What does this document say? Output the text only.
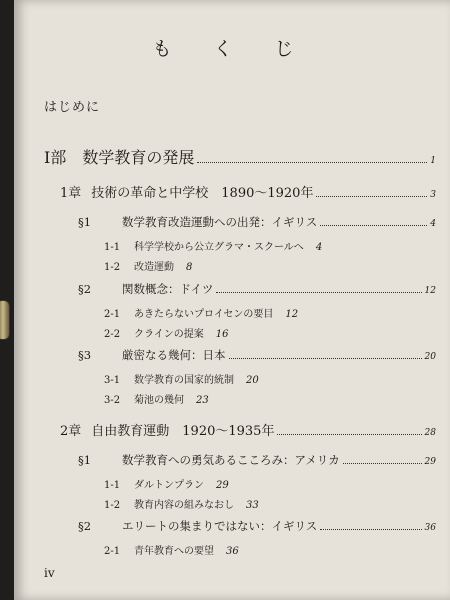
も く じ
はじめに
I部　数学教育の発展	1
1章 技術の革命と中学校　1890〜1920年	3
§1	数学教育改造運動への出発：イギリス	4
1-1 科学学校から公立グラマ・スクールへ 4
1-2 改造運動 8
§2	関数概念：ドイツ	12
2-1 あきたらないプロイセンの要目 12
2-2 クラインの提案 16
§3	厳密なる幾何：日本	20
3-1 数学教育の国家的統制 20
3-2 菊池の幾何 23
2章 自由教育運動　1920〜1935年	28
§1	数学教育への勇気あるこころみ：アメリカ	29
1-1 ダルトンプラン 29
1-2 教育内容の組みなおし 33
§2	エリートの集まりではない：イギリス	36
2-1 青年教育への要望 36
iv
